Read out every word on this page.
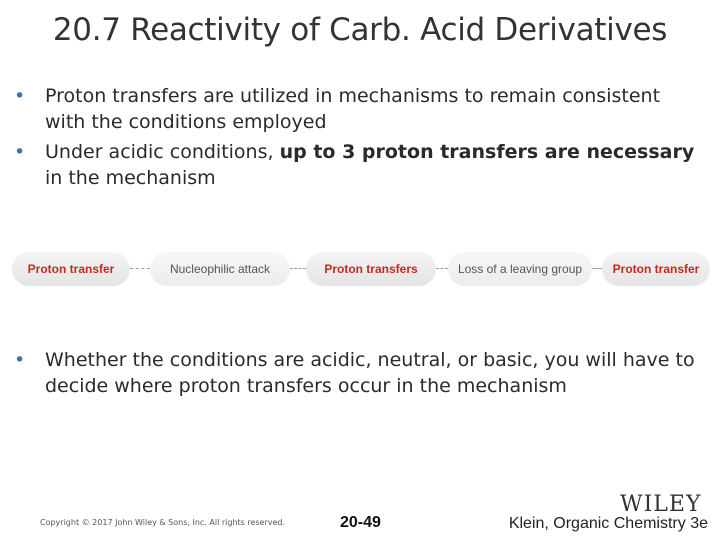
20.7 Reactivity of Carb. Acid Derivatives
• Proton transfers are utilized in mechanisms to remain consistent with the conditions employed
• Under acidic conditions, up to 3 proton transfers are necessary in the mechanism
Proton transfer	Nucleophilic attack	Proton transfers	Loss of a leaving group	Proton transfer
• Whether the conditions are acidic, neutral, or basic, you will have to decide where proton transfers occur in the mechanism
Copyright © 2017 John Wiley & Sons, Inc. All rights reserved.	20-49
WILEY
Klein, Organic Chemistry 3e
